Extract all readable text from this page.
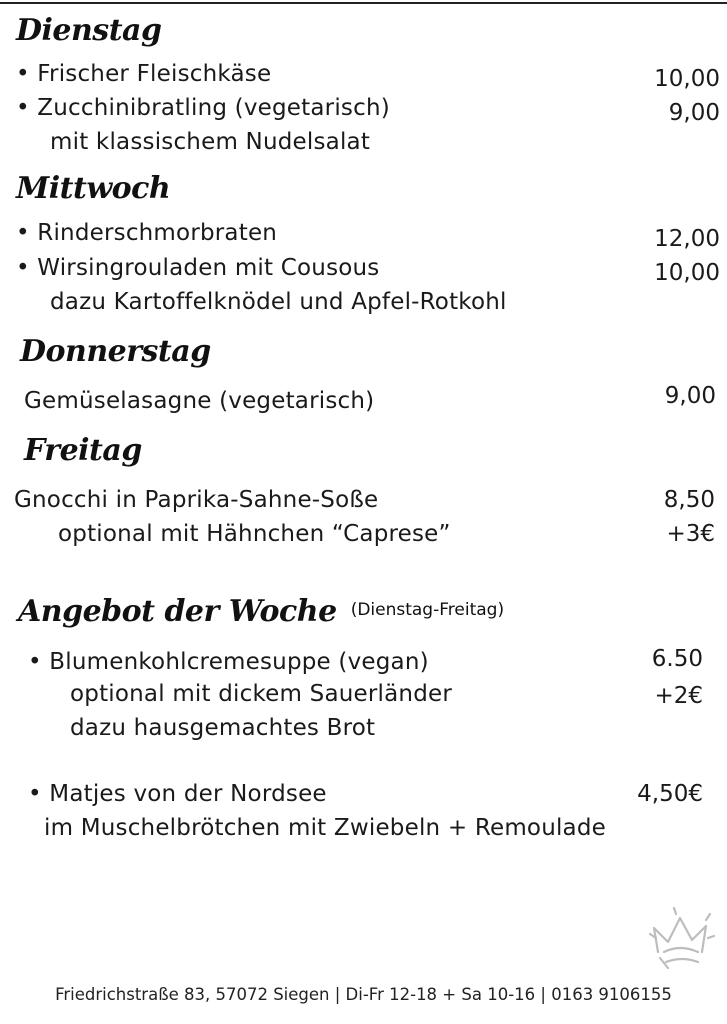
Dienstag
• Frischer Fleischkäse	10,00
• Zucchinibratling (vegetarisch)	9,00
mit klassischem Nudelsalat
Mittwoch
• Rinderschmorbraten	12,00
• Wirsingrouladen mit Cousous	10,00
dazu Kartoffelknödel und Apfel-Rotkohl
Donnerstag
Gemüselasagne (vegetarisch)	9,00
Freitag
Gnocchi in Paprika-Sahne-Soße	8,50
optional mit Hähnchen “Caprese”	+3€
Angebot der Woche $^{(Dienstag-Freitag)}$
• Blumenkohlcremesuppe (vegan)	6.50
optional mit dickem Sauerländer	+2€
dazu hausgemachtes Brot
• Matjes von der Nordsee	4,50€
im Muschelbrötchen mit Zwiebeln + Remoulade
Friedrichstraße 83, 57072 Siegen | Di-Fr 12-18 + Sa 10-16 | 0163 9106155
